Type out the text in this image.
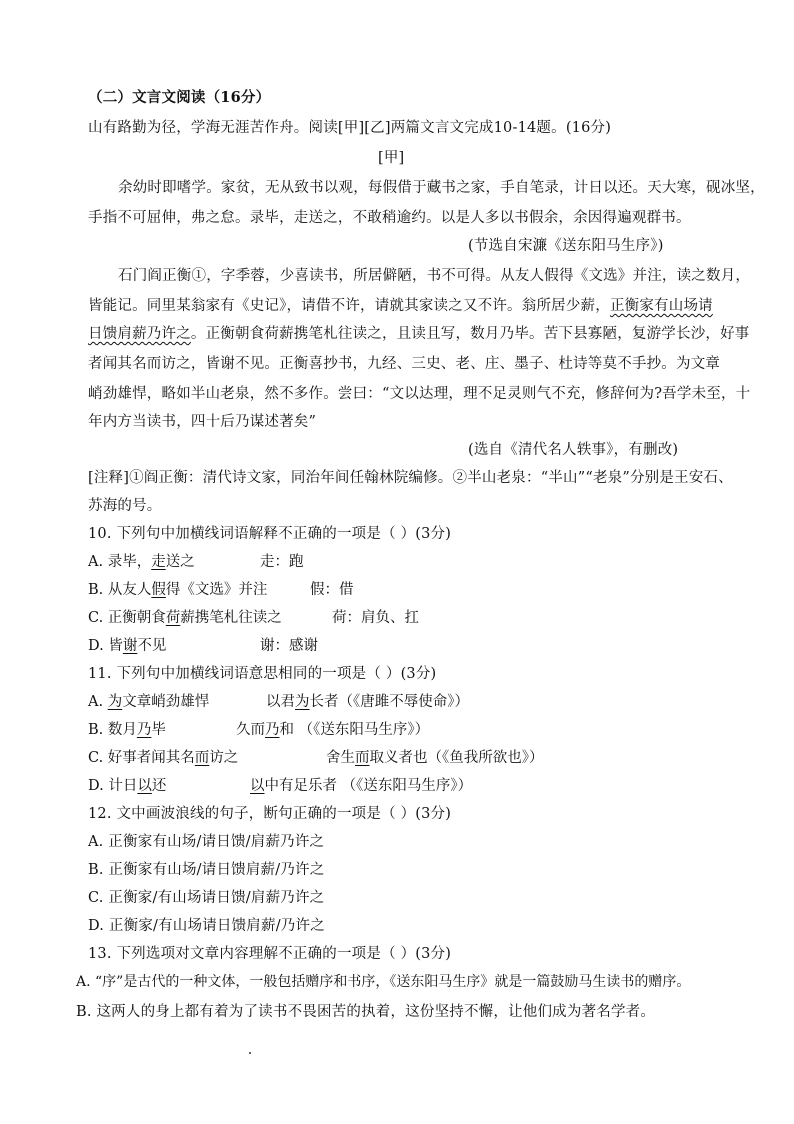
（二）文言文阅读（16分）
山有路勤为径，学海无涯苦作舟。阅读[甲][乙]两篇文言文完成10-14题。(16分)
[甲]
余幼时即嗜学。家贫，无从致书以观，每假借于藏书之家，手自笔录，计日以还。天大寒，砚冰坚，
手指不可屈伸，弗之怠。录毕，走送之，不敢稍逾约。以是人多以书假余，余因得遍观群书。
(节选自宋濂《送东阳马生序》)
石门阎正衡①，字季蓉，少喜读书，所居僻陋，书不可得。从友人假得《文选》并注，读之数月，
皆能记。同里某翁家有《史记》，请借不许，请就其家读之又不许。翁所居少薪，正衡家有山场请
日馈肩薪乃许之。正衡朝食荷薪携笔札往读之，且读且写，数月乃毕。苦下县寡陋，复游学长沙，好事
者闻其名而访之，皆谢不见。正衡喜抄书，九经、三史、老、庄、墨子、杜诗等莫不手抄。为文章
峭劲雄悍，略如半山老泉，然不多作。尝曰：“文以达理，理不足灵则气不充，修辞何为?吾学未至，十
年内方当读书，四十后乃谋述著矣”
(选自《清代名人轶事》，有删改)
[注释]①阎正衡：清代诗文家，同治年间任翰林院编修。②半山老泉：“半山”“老泉”分别是王安石、
苏海的号。
10. 下列句中加横线词语解释不正确的一项是（ ）(3分)
A. 录毕，走送之	走：跑
B. 从友人假得《文选》并注	假：借
C. 正衡朝食荷薪携笔札往读之	荷：肩负、扛
D. 皆谢不见	谢：感谢
11. 下列句中加横线词语意思相同的一项是（ ）(3分)
A. 为文章峭劲雄悍	以君为长者（《唐雎不辱使命》）
B. 数月乃毕	久而乃和 （《送东阳马生序》）
C. 好事者闻其名而访之	舍生而取义者也（《鱼我所欲也》）
D. 计日以还	以中有足乐者 （《送东阳马生序》）
12. 文中画波浪线的句子，断句正确的一项是（ ）(3分)
A. 正衡家有山场/请日馈/肩薪乃许之
B. 正衡家有山场/请日馈肩薪/乃许之
C. 正衡家/有山场请日馈/肩薪乃许之
D. 正衡家/有山场请日馈肩薪/乃许之
13. 下列选项对文章内容理解不正确的一项是（ ）(3分)
A. “序”是古代的一种文体，一般包括赠序和书序，《送东阳马生序》就是一篇鼓励马生读书的赠序。
B. 这两人的身上都有着为了读书不畏困苦的执着，这份坚持不懈，让他们成为著名学者。
